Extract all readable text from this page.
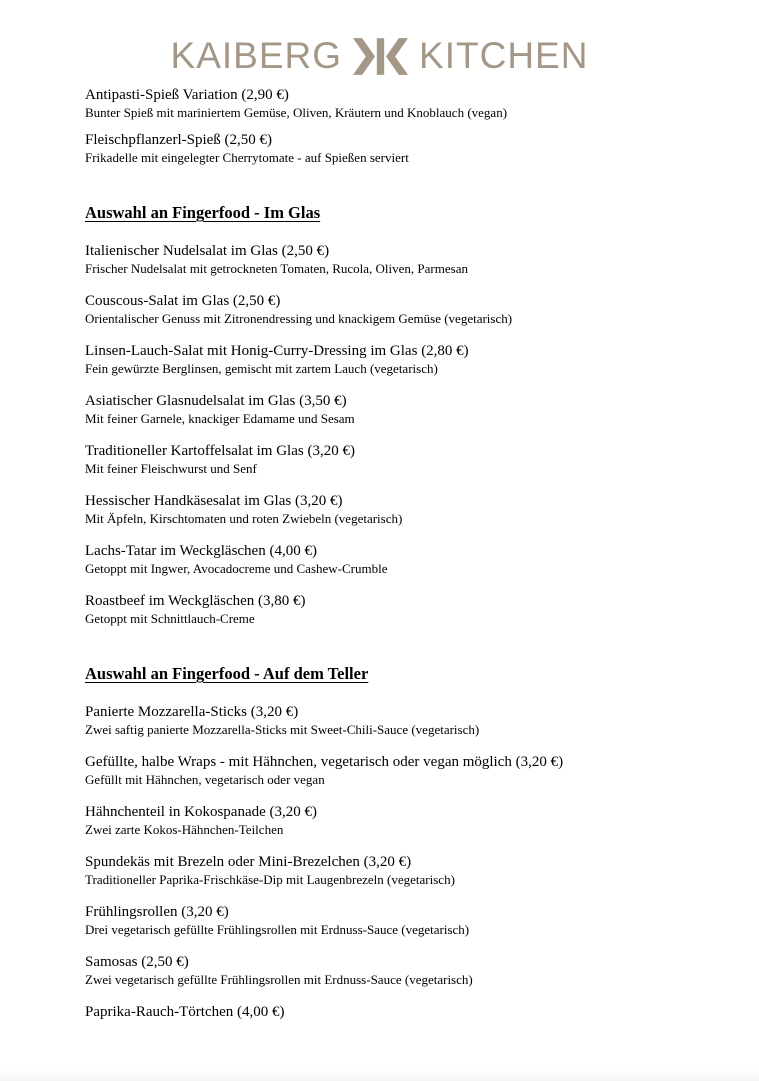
KAIBERG KITCHEN

Antipasti-Spieß Variation (2,90 €)

Bunter Spieß mit mariniertem Gemüse, Oliven, Kräutern und Knoblauch (vegan)

Fleischpflanzerl-Spieß (2,50 €)

Frikadelle mit eingelegter Cherrytomate - auf Spießen serviert

Auswahl an Fingerfood - Im Glas

Italienischer Nudelsalat im Glas (2,50 €)

Frischer Nudelsalat mit getrockneten Tomaten, Rucola, Oliven, Parmesan

Couscous-Salat im Glas (2,50 €)

Orientalischer Genuss mit Zitronendressing und knackigem Gemüse (vegetarisch)

Linsen-Lauch-Salat mit Honig-Curry-Dressing im Glas (2,80 €)

Fein gewürzte Berglinsen, gemischt mit zartem Lauch (vegetarisch)

Asiatischer Glasnudelsalat im Glas (3,50 €)

Mit feiner Garnele, knackiger Edamame und Sesam

Traditioneller Kartoffelsalat im Glas (3,20 €)

Mit feiner Fleischwurst und Senf

Hessischer Handkäsesalat im Glas (3,20 €)

Mit Äpfeln, Kirschtomaten und roten Zwiebeln (vegetarisch)

Lachs-Tatar im Weckgläschen (4,00 €)

Getoppt mit Ingwer, Avocadocreme und Cashew-Crumble

Roastbeef im Weckgläschen (3,80 €)

Getoppt mit Schnittlauch-Creme

Auswahl an Fingerfood - Auf dem Teller

Panierte Mozzarella-Sticks (3,20 €)

Zwei saftig panierte Mozzarella-Sticks mit Sweet-Chili-Sauce (vegetarisch)

Gefüllte, halbe Wraps - mit Hähnchen, vegetarisch oder vegan möglich (3,20 €)

Gefüllt mit Hähnchen, vegetarisch oder vegan

Hähnchenteil in Kokospanade (3,20 €)

Zwei zarte Kokos-Hähnchen-Teilchen

Spundekäs mit Brezeln oder Mini-Brezelchen (3,20 €)

Traditioneller Paprika-Frischkäse-Dip mit Laugenbrezeln (vegetarisch)

Frühlingsrollen (3,20 €)

Drei vegetarisch gefüllte Frühlingsrollen mit Erdnuss-Sauce (vegetarisch)

Samosas (2,50 €)

Zwei vegetarisch gefüllte Frühlingsrollen mit Erdnuss-Sauce (vegetarisch)

Paprika-Rauch-Törtchen (4,00 €)
